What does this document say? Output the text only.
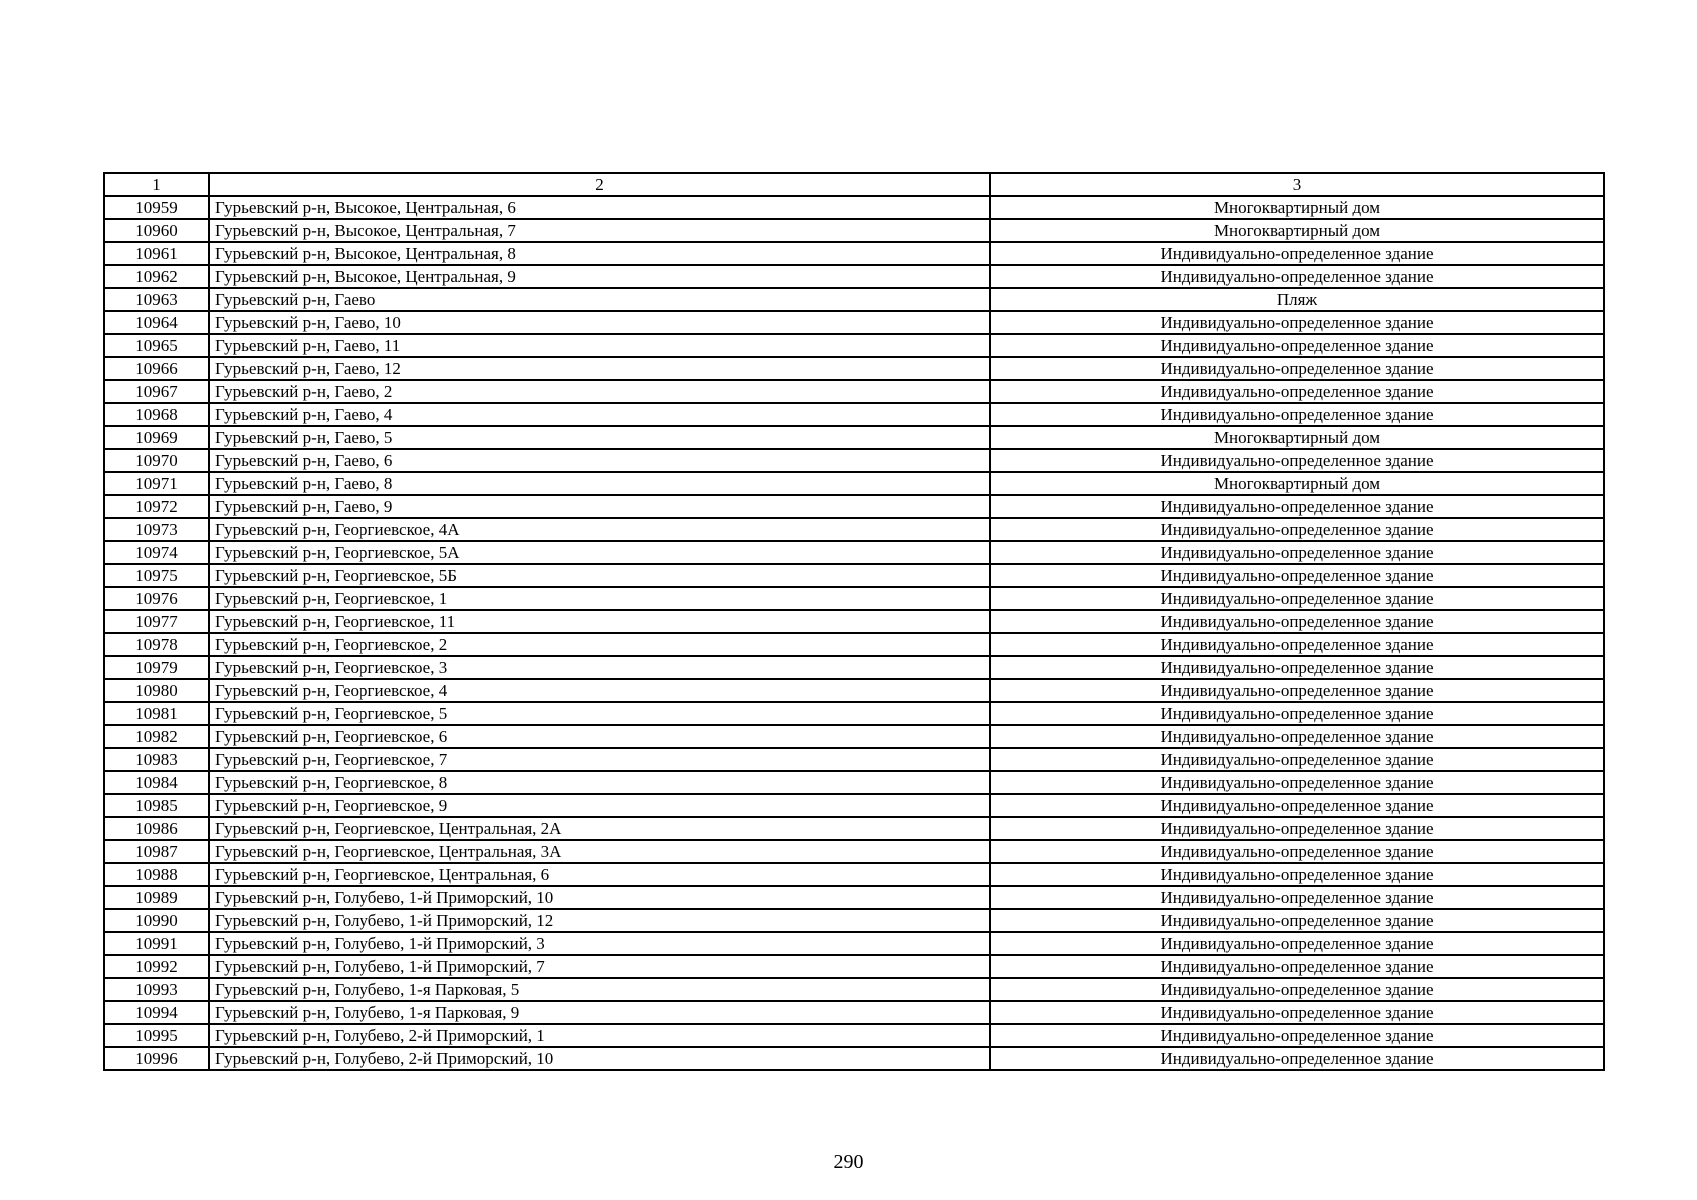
1	2	3
10959	Гурьевский р-н, Высокое, Центральная, 6	Многоквартирный дом
10960	Гурьевский р-н, Высокое, Центральная, 7	Многоквартирный дом
10961	Гурьевский р-н, Высокое, Центральная, 8	Индивидуально-определенное здание
10962	Гурьевский р-н, Высокое, Центральная, 9	Индивидуально-определенное здание
10963	Гурьевский р-н, Гаево	Пляж
10964	Гурьевский р-н, Гаево, 10	Индивидуально-определенное здание
10965	Гурьевский р-н, Гаево, 11	Индивидуально-определенное здание
10966	Гурьевский р-н, Гаево, 12	Индивидуально-определенное здание
10967	Гурьевский р-н, Гаево, 2	Индивидуально-определенное здание
10968	Гурьевский р-н, Гаево, 4	Индивидуально-определенное здание
10969	Гурьевский р-н, Гаево, 5	Многоквартирный дом
10970	Гурьевский р-н, Гаево, 6	Индивидуально-определенное здание
10971	Гурьевский р-н, Гаево, 8	Многоквартирный дом
10972	Гурьевский р-н, Гаево, 9	Индивидуально-определенное здание
10973	Гурьевский р-н, Георгиевское, 4А	Индивидуально-определенное здание
10974	Гурьевский р-н, Георгиевское, 5А	Индивидуально-определенное здание
10975	Гурьевский р-н, Георгиевское, 5Б	Индивидуально-определенное здание
10976	Гурьевский р-н, Георгиевское, 1	Индивидуально-определенное здание
10977	Гурьевский р-н, Георгиевское, 11	Индивидуально-определенное здание
10978	Гурьевский р-н, Георгиевское, 2	Индивидуально-определенное здание
10979	Гурьевский р-н, Георгиевское, 3	Индивидуально-определенное здание
10980	Гурьевский р-н, Георгиевское, 4	Индивидуально-определенное здание
10981	Гурьевский р-н, Георгиевское, 5	Индивидуально-определенное здание
10982	Гурьевский р-н, Георгиевское, 6	Индивидуально-определенное здание
10983	Гурьевский р-н, Георгиевское, 7	Индивидуально-определенное здание
10984	Гурьевский р-н, Георгиевское, 8	Индивидуально-определенное здание
10985	Гурьевский р-н, Георгиевское, 9	Индивидуально-определенное здание
10986	Гурьевский р-н, Георгиевское, Центральная, 2А	Индивидуально-определенное здание
10987	Гурьевский р-н, Георгиевское, Центральная, 3А	Индивидуально-определенное здание
10988	Гурьевский р-н, Георгиевское, Центральная, 6	Индивидуально-определенное здание
10989	Гурьевский р-н, Голубево, 1-й Приморский, 10	Индивидуально-определенное здание
10990	Гурьевский р-н, Голубево, 1-й Приморский, 12	Индивидуально-определенное здание
10991	Гурьевский р-н, Голубево, 1-й Приморский, 3	Индивидуально-определенное здание
10992	Гурьевский р-н, Голубево, 1-й Приморский, 7	Индивидуально-определенное здание
10993	Гурьевский р-н, Голубево, 1-я Парковая, 5	Индивидуально-определенное здание
10994	Гурьевский р-н, Голубево, 1-я Парковая, 9	Индивидуально-определенное здание
10995	Гурьевский р-н, Голубево, 2-й Приморский, 1	Индивидуально-определенное здание
10996	Гурьевский р-н, Голубево, 2-й Приморский, 10	Индивидуально-определенное здание
290
